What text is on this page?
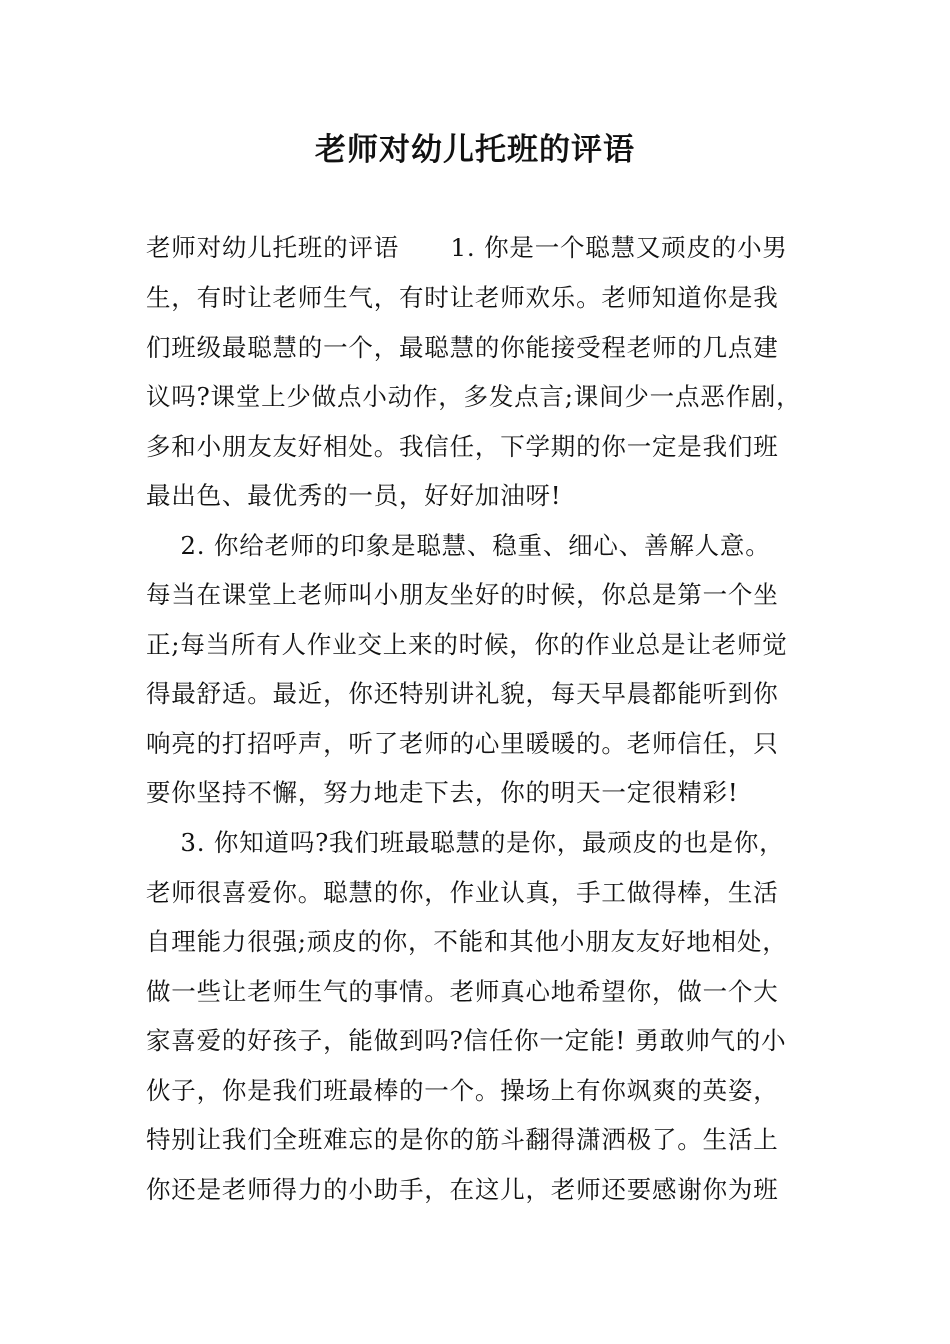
老师对幼儿托班的评语
老师对幼儿托班的评语      1. 你是一个聪慧又顽皮的小男
生，有时让老师生气，有时让老师欢乐。老师知道你是我
们班级最聪慧的一个，最聪慧的你能接受程老师的几点建
议吗?课堂上少做点小动作，多发点言;课间少一点恶作剧，
多和小朋友友好相处。我信任，下学期的你一定是我们班
最出色、最优秀的一员，好好加油呀!
2. 你给老师的印象是聪慧、稳重、细心、善解人意。
每当在课堂上老师叫小朋友坐好的时候，你总是第一个坐
正;每当所有人作业交上来的时候，你的作业总是让老师觉
得最舒适。最近，你还特别讲礼貌，每天早晨都能听到你
响亮的打招呼声，听了老师的心里暖暖的。老师信任，只
要你坚持不懈，努力地走下去，你的明天一定很精彩!
3. 你知道吗?我们班最聪慧的是你，最顽皮的也是你，
老师很喜爱你。聪慧的你，作业认真，手工做得棒，生活
自理能力很强;顽皮的你，不能和其他小朋友友好地相处，
做一些让老师生气的事情。老师真心地希望你，做一个大
家喜爱的好孩子，能做到吗?信任你一定能! 勇敢帅气的小
伙子，你是我们班最棒的一个。操场上有你飒爽的英姿，
特别让我们全班难忘的是你的筋斗翻得潇洒极了。生活上
你还是老师得力的小助手，在这儿，老师还要感谢你为班
